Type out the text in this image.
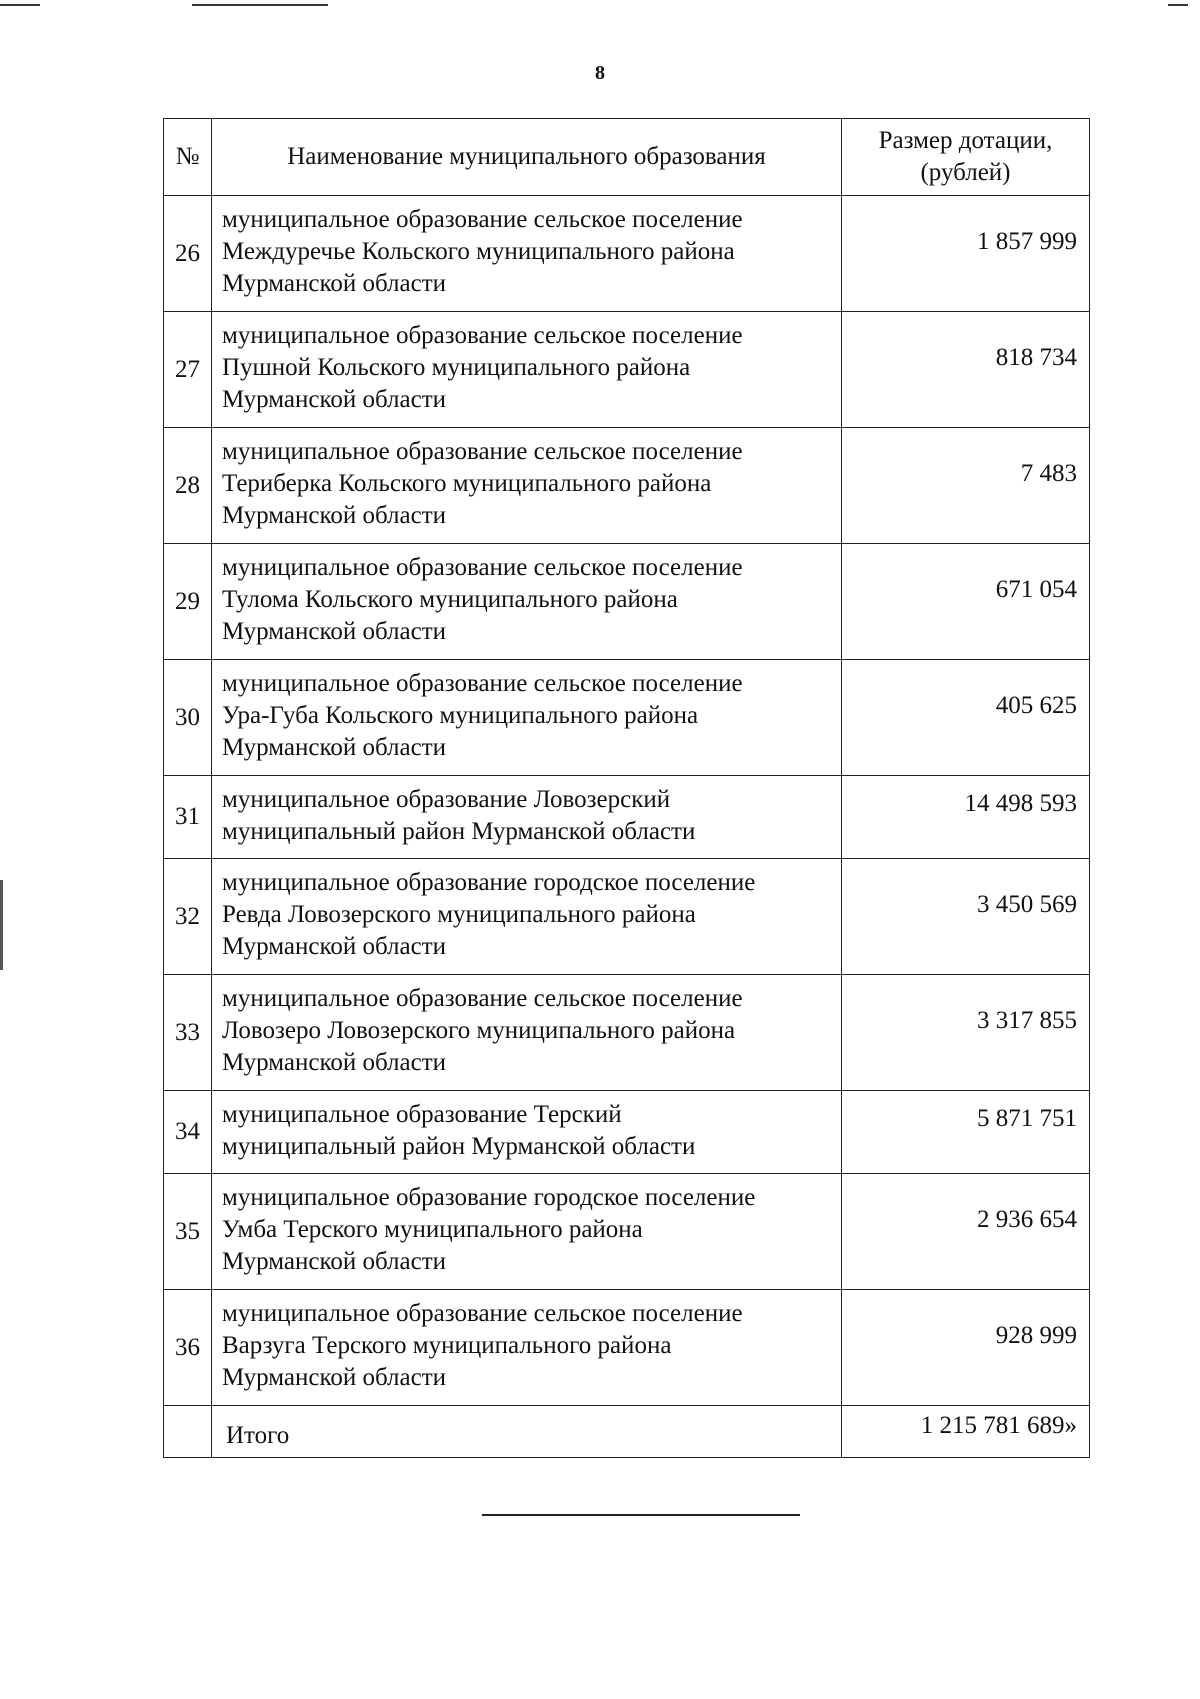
8
№	Наименование муниципального образования	Размер дотации,
(рублей)

26	муниципальное образование сельское поселение
Междуречье Кольского муниципального района
Мурманской области	1 857 999
27	муниципальное образование сельское поселение
Пушной Кольского муниципального района
Мурманской области	818 734
28	муниципальное образование сельское поселение
Териберка Кольского муниципального района
Мурманской области	7 483
29	муниципальное образование сельское поселение
Тулома Кольского муниципального района
Мурманской области	671 054
30	муниципальное образование сельское поселение
Ура-Губа Кольского муниципального района
Мурманской области	405 625
31	муниципальное образование Ловозерский
муниципальный район Мурманской области	14 498 593
32	муниципальное образование городское поселение
Ревда Ловозерского муниципального района
Мурманской области	3 450 569
33	муниципальное образование сельское поселение
Ловозеро Ловозерского муниципального района
Мурманской области	3 317 855
34	муниципальное образование Терский
муниципальный район Мурманской области	5 871 751
35	муниципальное образование городское поселение
Умба Терского муниципального района
Мурманской области	2 936 654
36	муниципальное образование сельское поселение
Варзуга Терского муниципального района
Мурманской области	928 999
	Итого	1 215 781 689»
